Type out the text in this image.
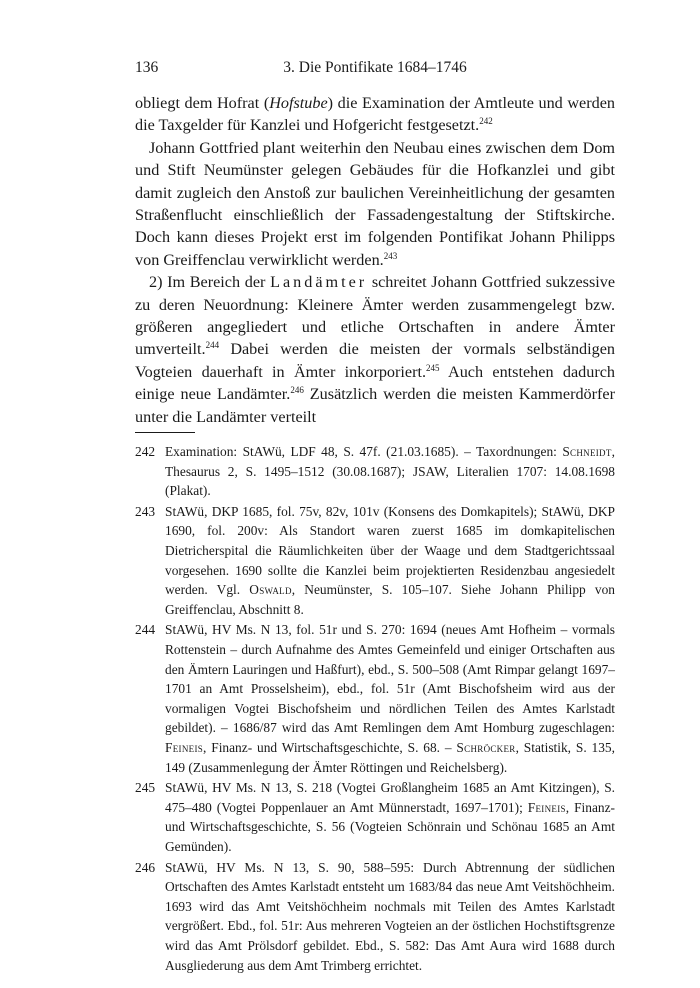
136	3. Die Pontifikate 1684–1746

obliegt dem Hofrat (Hofstube) die Examination der Amtleute und werden die Taxgelder für Kanzlei und Hofgericht festgesetzt.$^{242}$

Johann Gottfried plant weiterhin den Neubau eines zwischen dem Dom und Stift Neumünster gelegen Gebäudes für die Hofkanzlei und gibt damit zugleich den Anstoß zur baulichen Vereinheitlichung der gesamten Straßenflucht einschließlich der Fassadengestaltung der Stiftskirche. Doch kann dieses Projekt erst im folgenden Pontifikat Johann Philipps von Greiffenclau verwirklicht werden.$^{243}$

2) Im Bereich der Landämter schreitet Johann Gottfried sukzessive zu deren Neuordnung: Kleinere Ämter werden zusammengelegt bzw. größeren angegliedert und etliche Ortschaften in andere Ämter umverteilt.$^{244}$ Dabei werden die meisten der vormals selbständigen Vogteien dauerhaft in Ämter inkorporiert.$^{245}$ Auch entstehen dadurch einige neue Landämter.$^{246}$ Zusätzlich werden die meisten Kammerdörfer unter die Landämter verteilt

242 Examination: StAWü, LDF 48, S. 47f. (21.03.1685). – Taxordnungen: Schneidt, Thesaurus 2, S. 1495–1512 (30.08.1687); JSAW, Literalien 1707: 14.08.1698 (Plakat).
243 StAWü, DKP 1685, fol. 75v, 82v, 101v (Konsens des Domkapitels); StAWü, DKP 1690, fol. 200v: Als Standort waren zuerst 1685 im domkapitelischen Dietricherspital die Räumlichkeiten über der Waage und dem Stadtgerichtssaal vorgesehen. 1690 sollte die Kanzlei beim projektierten Residenzbau angesiedelt werden. Vgl. Oswald, Neumünster, S. 105–107. Siehe Johann Philipp von Greiffenclau, Abschnitt 8.
244 StAWü, HV Ms. N 13, fol. 51r und S. 270: 1694 (neues Amt Hofheim – vormals Rottenstein – durch Aufnahme des Amtes Gemeinfeld und einiger Ortschaften aus den Ämtern Lauringen und Haßfurt), ebd., S. 500–508 (Amt Rimpar gelangt 1697–1701 an Amt Prosselsheim), ebd., fol. 51r (Amt Bischofsheim wird aus der vormaligen Vogtei Bischofsheim und nördlichen Teilen des Amtes Karlstadt gebildet). – 1686/87 wird das Amt Remlingen dem Amt Homburg zugeschlagen: Feineis, Finanz- und Wirtschaftsgeschichte, S. 68. – Schröcker, Statistik, S. 135, 149 (Zusammenlegung der Ämter Röttingen und Reichelsberg).
245 StAWü, HV Ms. N 13, S. 218 (Vogtei Großlangheim 1685 an Amt Kitzingen), S. 475–480 (Vogtei Poppenlauer an Amt Münnerstadt, 1697–1701); Feineis, Finanz- und Wirtschaftsgeschichte, S. 56 (Vogteien Schönrain und Schönau 1685 an Amt Gemünden).
246 StAWü, HV Ms. N 13, S. 90, 588–595: Durch Abtrennung der südlichen Ortschaften des Amtes Karlstadt entsteht um 1683/84 das neue Amt Veitshöchheim. 1693 wird das Amt Veitshöchheim nochmals mit Teilen des Amtes Karlstadt vergrößert. Ebd., fol. 51r: Aus mehreren Vogteien an der östlichen Hochstiftsgrenze wird das Amt Prölsdorf gebildet. Ebd., S. 582: Das Amt Aura wird 1688 durch Ausgliederung aus dem Amt Trimberg errichtet.
